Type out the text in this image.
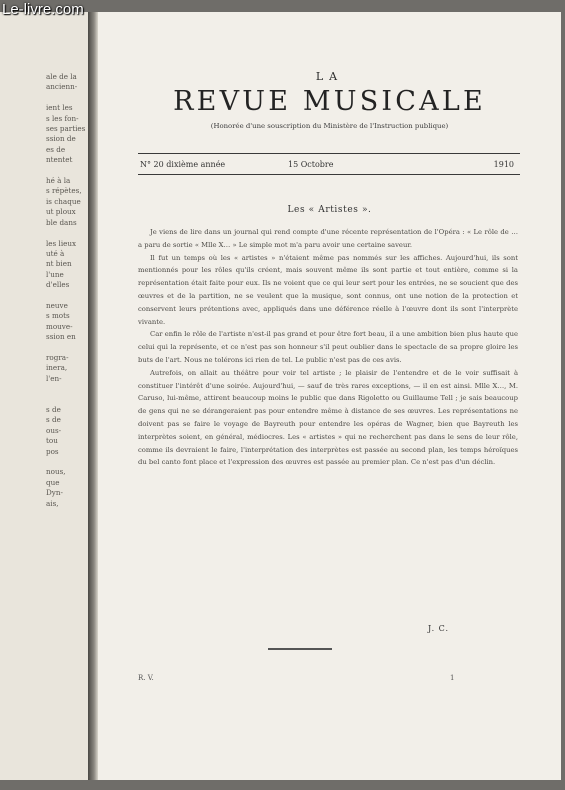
Le-livre.com
ale de la
ancienn-

ient les
s les fon-
ses parties
ssion de
es de
ntentet

hé à la
s répètes,
is chaque
ut ploux
ble dans

les lieux
uté à
nt bien
l'une d'elles

neuve
s mots
mouve-
ssion en

rogra-
inera,
l'en-

s de
s de
ous-
tou
pos

nous,
que
Dyn-
ais,
LA
REVUE MUSICALE
(Honorée d'une souscription du Ministère de l'Instruction publique)
N° 20 dixième année	15 Octobre	1910
Les « Artistes ».

Je viens de lire dans un journal qui rend compte d'une récente représentation de l'Opéra : « Le rôle de … a paru de sortie « Mlle X… » Le simple mot m'a paru avoir une certaine saveur.

Il fut un temps où les « artistes » n'étaient même pas nommés sur les affiches. Aujourd'hui, ils sont mentionnés pour les rôles qu'ils créent, mais souvent même ils sont partie et tout entière, comme si la représentation était faite pour eux. Ils ne voient que ce qui leur sert pour les entrées, ne se soucient que des œuvres et de la partition, ne se veulent que la musique, sont connus, ont une notion de la protection et conservent leurs prétentions avec, appliqués dans une déférence réelle à l'œuvre dont ils sont l'interprète vivante.

Car enfin le rôle de l'artiste n'est-il pas grand et pour être fort beau, il a une ambition bien plus haute que celui qui la représente, et ce n'est pas son honneur s'il peut oublier dans le spectacle de sa propre gloire les buts de l'art. Nous ne tolérons ici rien de tel. Le public n'est pas de ces avis.

Autrefois, on allait au théâtre pour voir tel artiste ; le plaisir de l'entendre et de le voir suffisait à constituer l'intérêt d'une soirée. Aujourd'hui, — sauf de très rares exceptions, — il en est ainsi. Mlle X…, M. Caruso, lui-même, attirent beaucoup moins le public que dans Rigoletto ou Guillaume Tell ; je sais beaucoup de gens qui ne se dérangeraient pas pour entendre même à distance de ses œuvres. Les représentations ne doivent pas se faire le voyage de Bayreuth pour entendre les opéras de Wagner, bien que Bayreuth les interprètes soient, en général, médiocres. Les « artistes » qui ne recherchent pas dans le sens de leur rôle, comme ils devraient le faire, l'interprétation des interprètes est passée au second plan, les temps héroïques du bel canto font place et l'expression des œuvres est passée au premier plan. Ce n'est pas d'un déclin.

J. C.
R. V.	1
